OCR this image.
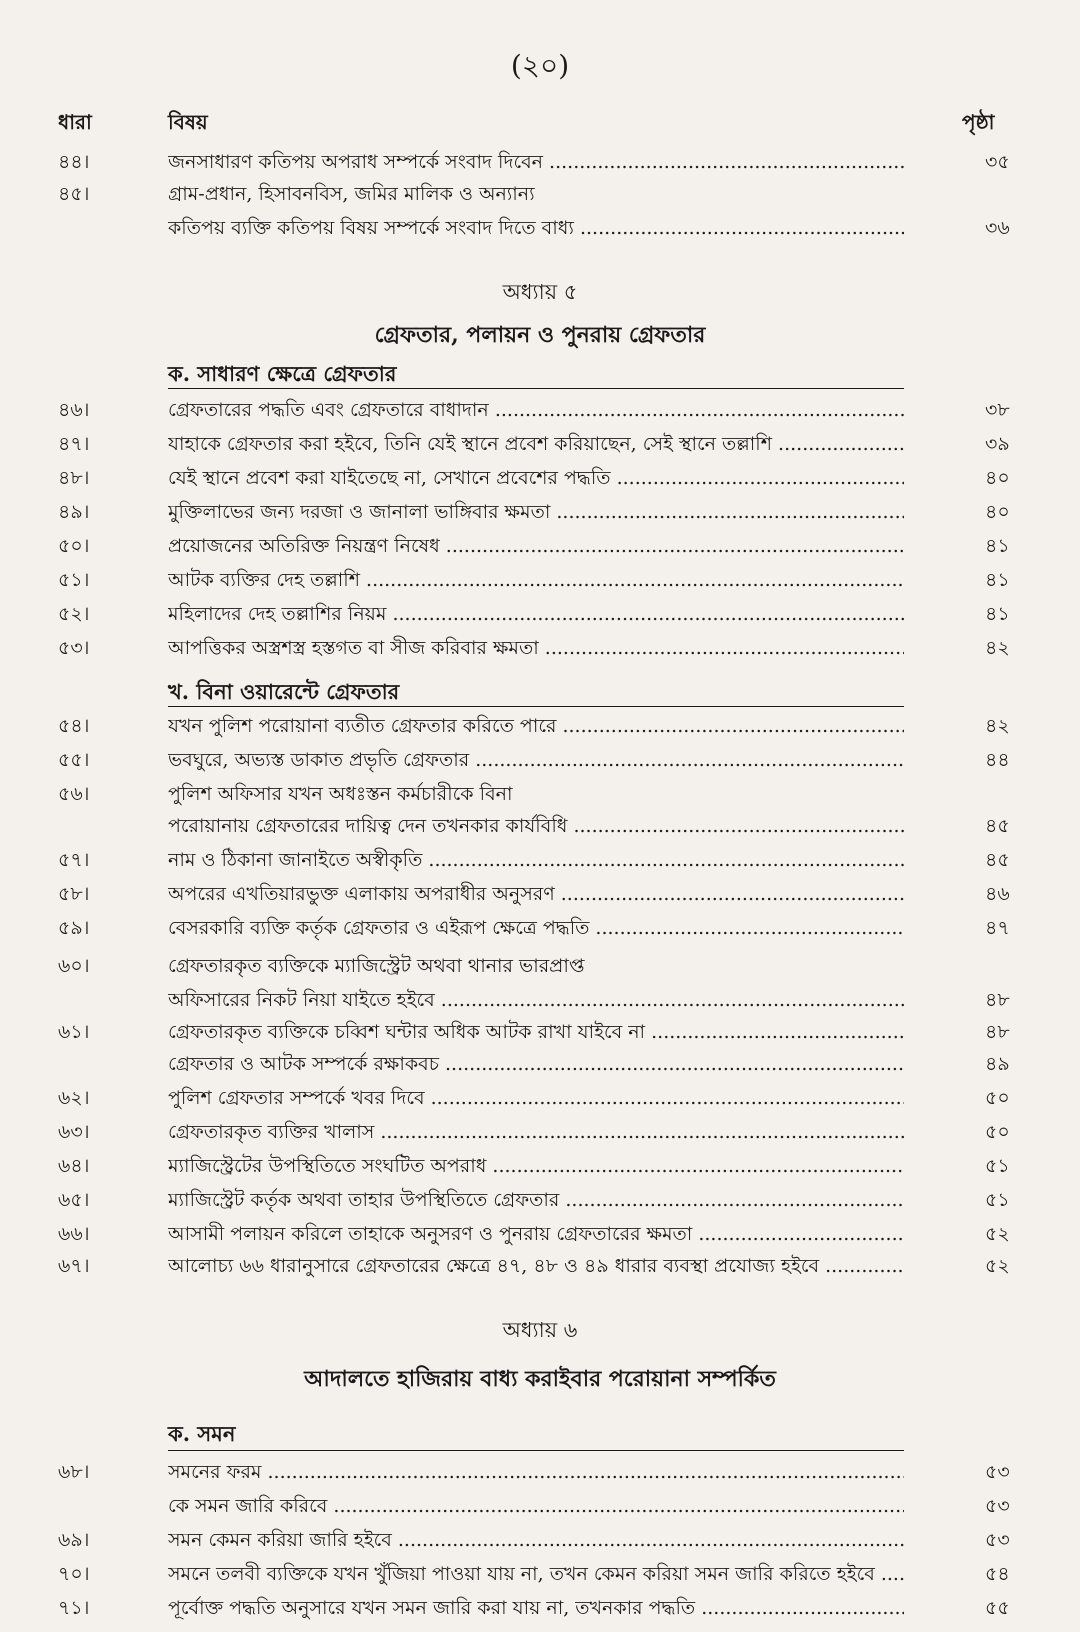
(২০)
ধারা	বিষয়	পৃষ্ঠা
৪৪।	জনসাধারণ কতিপয় অপরাধ সম্পর্কে সংবাদ দিবেন .....	৩৫
৪৫।	গ্রাম-প্রধান, হিসাবনবিস, জমির মালিক ও অন্যান্য
কতিপয় ব্যক্তি কতিপয় বিষয় সম্পর্কে সংবাদ দিতে বাধ্য .....	৩৬
অধ্যায় ৫
গ্রেফতার, পলায়ন ও পুনরায় গ্রেফতার
ক. সাধারণ ক্ষেত্রে গ্রেফতার
৪৬।	গ্রেফতারের পদ্ধতি এবং গ্রেফতারে বাধাদান .....	৩৮
৪৭।	যাহাকে গ্রেফতার করা হইবে, তিনি যেই স্থানে প্রবেশ করিয়াছেন, সেই স্থানে তল্লাশি .....	৩৯
৪৮।	যেই স্থানে প্রবেশ করা যাইতেছে না, সেখানে প্রবেশের পদ্ধতি .....	৪০
৪৯।	মুক্তিলাভের জন্য দরজা ও জানালা ভাঙ্গিবার ক্ষমতা .....	৪০
৫০।	প্রয়োজনের অতিরিক্ত নিয়ন্ত্রণ নিষেধ .....	৪১
৫১।	আটক ব্যক্তির দেহ তল্লাশি .....	৪১
৫২।	মহিলাদের দেহ তল্লাশির নিয়ম .....	৪১
৫৩।	আপত্তিকর অস্ত্রশস্ত্র হস্তগত বা সীজ করিবার ক্ষমতা .....	৪২
খ. বিনা ওয়ারেন্টে গ্রেফতার
৫৪।	যখন পুলিশ পরোয়ানা ব্যতীত গ্রেফতার করিতে পারে .....	৪২
৫৫।	ভবঘুরে, অভ্যস্ত ডাকাত প্রভৃতি গ্রেফতার .....	৪৪
৫৬।	পুলিশ অফিসার যখন অধঃস্তন কর্মচারীকে বিনা
পরোয়ানায় গ্রেফতারের দায়িত্ব দেন তখনকার কার্যবিধি .....	৪৫
৫৭।	নাম ও ঠিকানা জানাইতে অস্বীকৃতি .....	৪৫
৫৮।	অপরের এখতিয়ারভুক্ত এলাকায় অপরাধীর অনুসরণ .....	৪৬
৫৯।	বেসরকারি ব্যক্তি কর্তৃক গ্রেফতার ও এইরূপ ক্ষেত্রে পদ্ধতি .....	৪৭
৬০।	গ্রেফতারকৃত ব্যক্তিকে ম্যাজিস্ট্রেট অথবা থানার ভারপ্রাপ্ত
অফিসারের নিকট নিয়া যাইতে হইবে .....	৪৮
৬১।	গ্রেফতারকৃত ব্যক্তিকে চব্বিশ ঘন্টার অধিক আটক রাখা যাইবে না .....	৪৮
গ্রেফতার ও আটক সম্পর্কে রক্ষাকবচ .....	৪৯
৬২।	পুলিশ গ্রেফতার সম্পর্কে খবর দিবে .....	৫০
৬৩।	গ্রেফতারকৃত ব্যক্তির খালাস .....	৫০
৬৪।	ম্যাজিস্ট্রেটের উপস্থিতিতে সংঘটিত অপরাধ .....	৫১
৬৫।	ম্যাজিস্ট্রেট কর্তৃক অথবা তাহার উপস্থিতিতে গ্রেফতার .....	৫১
৬৬।	আসামী পলায়ন করিলে তাহাকে অনুসরণ ও পুনরায় গ্রেফতারের ক্ষমতা .....	৫২
৬৭।	আলোচ্য ৬৬ ধারানুসারে গ্রেফতারের ক্ষেত্রে ৪৭, ৪৮ ও ৪৯ ধারার ব্যবস্থা প্রযোজ্য হইবে .....	৫২
অধ্যায় ৬
আদালতে হাজিরায় বাধ্য করাইবার পরোয়ানা সম্পর্কিত
ক. সমন
৬৮।	সমনের ফরম .....	৫৩
কে সমন জারি করিবে .....	৫৩
৬৯।	সমন কেমন করিয়া জারি হইবে .....	৫৩
৭০।	সমনে তলবী ব্যক্তিকে যখন খুঁজিয়া পাওয়া যায় না, তখন কেমন করিয়া সমন জারি করিতে হইবে .....	৫৪
৭১।	পূর্বোক্ত পদ্ধতি অনুসারে যখন সমন জারি করা যায় না, তখনকার পদ্ধতি .....	৫৫
